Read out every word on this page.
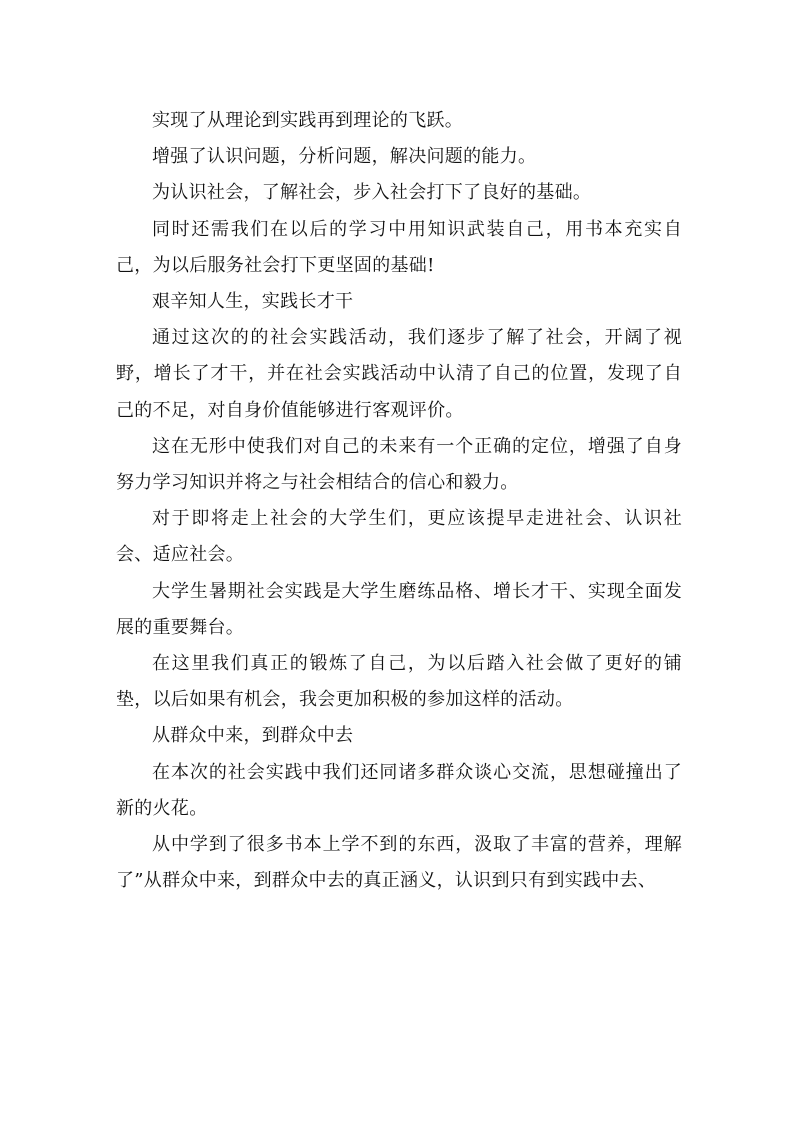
实现了从理论到实践再到理论的飞跃。

增强了认识问题，分析问题，解决问题的能力。

为认识社会，了解社会，步入社会打下了良好的基础。

同时还需我们在以后的学习中用知识武装自己，用书本充实自己，为以后服务社会打下更坚固的基础!

艰辛知人生，实践长才干

通过这次的的社会实践活动，我们逐步了解了社会，开阔了视野，增长了才干，并在社会实践活动中认清了自己的位置，发现了自己的不足，对自身价值能够进行客观评价。

这在无形中使我们对自己的未来有一个正确的定位，增强了自身努力学习知识并将之与社会相结合的信心和毅力。

对于即将走上社会的大学生们，更应该提早走进社会、认识社会、适应社会。

大学生暑期社会实践是大学生磨练品格、增长才干、实现全面发展的重要舞台。

在这里我们真正的锻炼了自己，为以后踏入社会做了更好的铺垫，以后如果有机会，我会更加积极的参加这样的活动。

从群众中来，到群众中去

在本次的社会实践中我们还同诸多群众谈心交流，思想碰撞出了新的火花。

从中学到了很多书本上学不到的东西，汲取了丰富的营养，理解了”从群众中来，到群众中去的真正涵义，认识到只有到实践中去、
